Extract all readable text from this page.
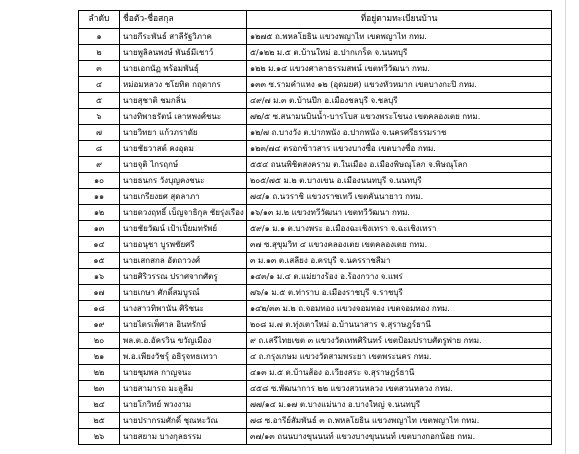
ลำดับ	ชื่อตัว-ชื่อสกุล	ที่อยู่ตามทะเบียนบ้าน
๑	นายกีระพันธ์ สาลีรัฐวิภาค	๑๒๗๕ ถ.พหลโยธิน แขวงพญาไท เขตพญาไท กทม.
๒	นายพูลิลนพงษ์ พันธ์มีเชาว์	๕/๑๒๒ ม.๕ ต.บ้านใหม่ อ.ปากเกร็ด จ.นนทบุรี
๓	นายเอกนัฏ พร้อมพันธุ์	๑๒๒ ม.๑๔ แขวงศาลาธรรมสพน์ เขตทวีวัฒนา กทม.
๔	หม่อมหลวง ชโยทิต กฤดากร	๑๓๓ ซ.รามคำแหง ๑๒ (อุดมยศ) แขวงหัวหมาก เขตบางกะปิ กทม.
๕	นายสุชาติ ชมกลิ่น	๔๙/๗ ม.๓ ต.บ้านปึก อ.เมืองชลบุรี จ.ชลบุรี
๖	นางทิพาธรัตน์ เลาหพงศ์ชนะ	๗๒/๕ ซ.สนามนบินน้ำ-บารโบส แขวงพระโขนง เขตคลองเตย กทม.
๗	นายวิทยา แก้วภราดัย	๑๒/๗ ถ.บางวัง ต.ปากพนัง อ.ปากพนัง จ.นครศรีธรรมราช
๘	นายชัยวาสต์ คงอุดม	๑๒๓/๗๔ ตรอกข้าวสาร แขวงบางซื่อ เขตบางซื่อ กทม.
๙	นายจุติ ไกรฤกษ์	๕๕๔ ถนนพิชิตสงคราม ต.ในเมือง อ.เมืองพิษณุโลก จ.พิษณุโลก
๑๐	นายธนกร วังบุญคงชนะ	๒๐๕/๗๕ ม.๒ ต.บางเขน อ.เมืองนนทบุรี จ.นนทบุรี
๑๑	นายเกรียงยศ สุดลาภา	๗๔/๑ ถ.นวราชิ แขวงราชเทวี เขตคันนายาว กทม.
๑๒	นายดวงฤทธิ์ เบ็ญจาธิกุล ชัยรุ่งเรือง	๑๖/๑๓ ม.๒ แขวงทวีวัฒนา เขตทวีวัฒนา กทม.
๑๓	นายชัยวัฒน์ เป้าเปี่ยมทรัพย์	๕๙/๑ ม.๑ ต.บางพระ อ.เมืองฉะเชิงเทรา จ.ฉะเชิงเทรา
๑๔	นายอนุชา บูรพชัยศรี	๓๗ ซ.สุขุมวิท ๔ แขวงคลองเตย เขตคลองเตย กทม.
๑๕	นายเสกสกล อัตถาวงศ์	๓ ม.๑๓ ต.เสลียง อ.ครบุรี จ.นครราชสีมา
๑๖	นายศิริวรรณ ปราศจากศัตรู	๑๔๓/๑ ม.๔ ต.แม่ยางร้อง อ.ร้องกวาง จ.แพร่
๑๗	นายเกษา ศักดิ์สมบูรณ์	๗๖/๑ ม.๕ ต.ท่าราบ อ.เมืองราชบุรี จ.ราชบุรี
๑๘	นางสาวทิพานัน ศิริชนะ	๑๔๒/๓๓ ม.๒ ถ.จอมทอง แขวงจอมทอง เขตจอมทอง กทม.
๑๙	นายไตรเพ็ศาล อินทรักษ์	๒๐๘ ม.๗ ต.ทุ่งเตาใหม่ อ.บ้านนาสาร จ.สุราษฎร์ธานี
๒๐	พล.ต.อ.อัครวิน ขวัญเมือง	๙ ถ.เสรีไทยเขต ๓ แขวงวัดเทพศิรินทร์ เขตป้อมปราบศัตรูพ่าย กทม.
๒๑	พ.อ.เพียงวัชรุ์ อธิรุจทธเทวา	๔ ถ.กรุงเกษม แขวงวัดสามพระยา เขตพระนคร กทม.
๒๒	นายชุมพล กาญจนะ	๔๑๓ ม.๕ ต.บ้านส้อง อ.เวียงสระ จ.สุราษฎร์ธานี
๒๓	นายสามารถ มะลูลีม	๔๕๘ ซ.พัฒนาการ ๒๒ แขวงสวนหลวง เขตสวนหลวง กทม.
๒๔	นายโกวิทย์ พวงงาม	๗๗/๑๔ ม.๑๗ ต.บางแม่นาง อ.บางใหญ่ จ.นนทบุรี
๒๕	นายปรากรมศักดิ์ ชุณหะวัณ	๗๘ ซ.อารีย์สัมพันธ์ ๓ ถ.พหลโยธิน แขวงพญาไท เขตพญาไท กทม.
๒๖	นายสยาม บางกุลธรรม	๓๗/๑๓ ถนนบางขุนนนท์ แขวงบางขุนนนท์ เขตบางกอกน้อย กทม.
